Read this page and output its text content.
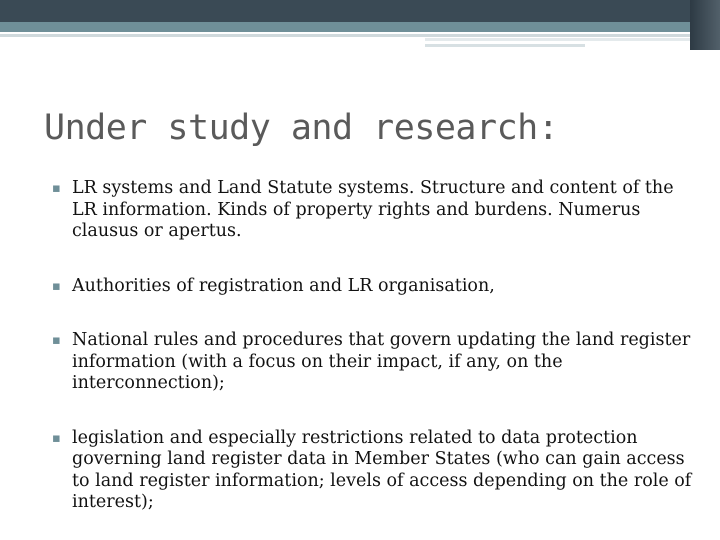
Under study and research:
▪ LR systems and Land Statute systems. Structure and content of the LR information. Kinds of property rights and burdens. Numerus clausus or apertus.
▪ Authorities of registration and LR organisation,
▪ National rules and procedures that govern updating the land register information (with a focus on their impact, if any, on the interconnection);
▪ legislation and especially restrictions related to data protection governing land register data in Member States (who can gain access to land register information; levels of access depending on the role of interest);
